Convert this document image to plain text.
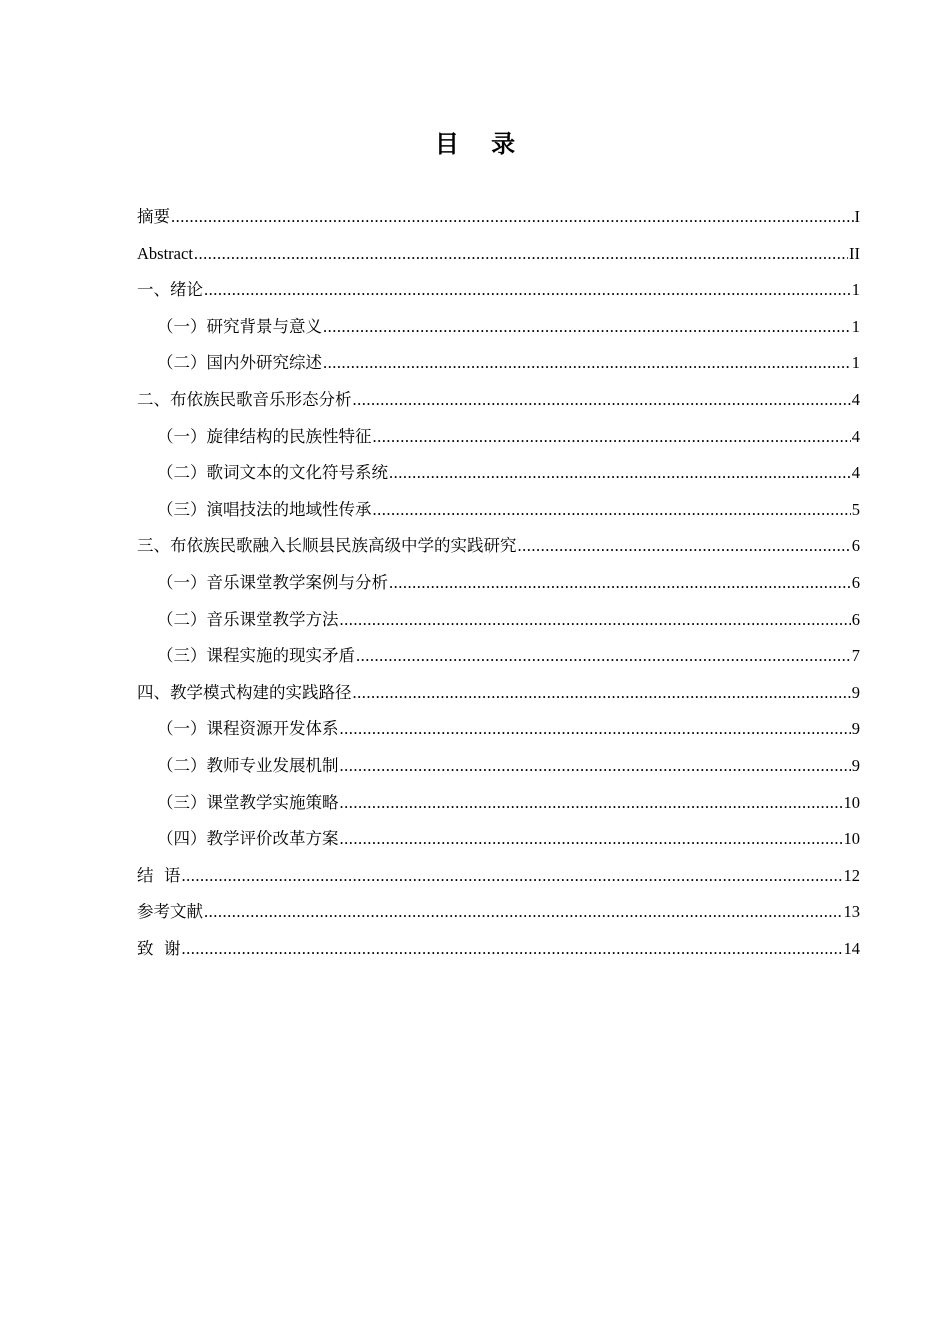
目 录
摘要 .....	I
Abstract .....	II
一、绪论 .....	1
（一）研究背景与意义 .....	1
（二）国内外研究综述 .....	1
二、布依族民歌音乐形态分析 .....	4
（一）旋律结构的民族性特征 .....	4
（二）歌词文本的文化符号系统 .....	4
（三）演唱技法的地域性传承 .....	5
三、布依族民歌融入长顺县民族高级中学的实践研究 .....	6
（一）音乐课堂教学案例与分析 .....	6
（二）音乐课堂教学方法 .....	6
（三）课程实施的现实矛盾 .....	7
四、教学模式构建的实践路径 .....	9
（一）课程资源开发体系 .....	9
（二）教师专业发展机制 .....	9
（三）课堂教学实施策略 .....	10
（四）教学评价改革方案 .....	10
结  语 .....	12
参考文献 .....	13
致  谢 .....	14
